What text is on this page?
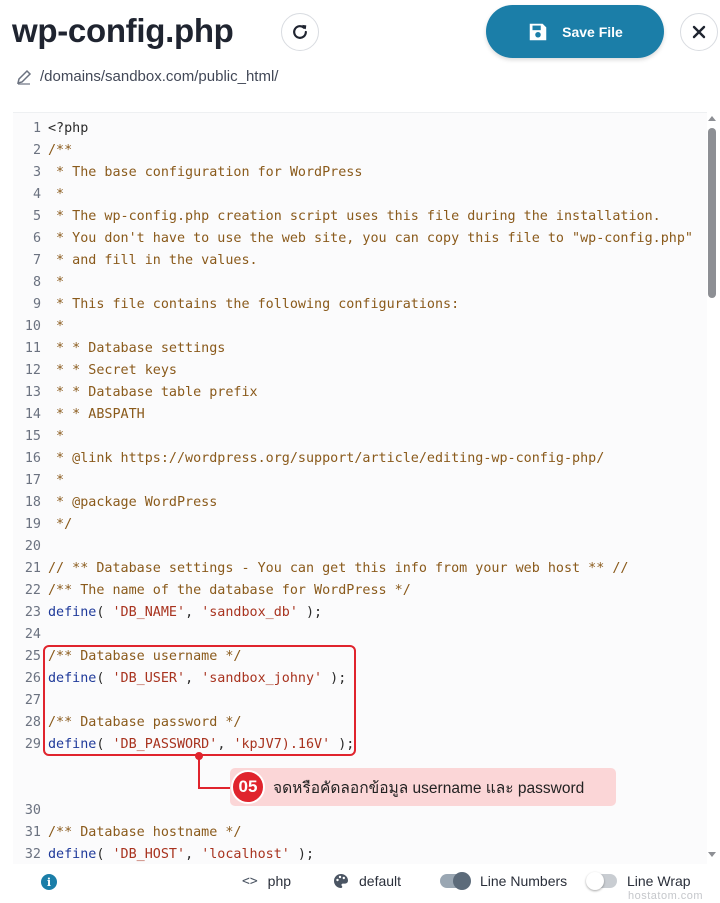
wp-config.php	Save File
/domains/sandbox.com/public_html/
1 <?php
2 /**
3 * The base configuration for WordPress
4 *
5 * The wp-config.php creation script uses this file during the installation.
6 * You don't have to use the web site, you can copy this file to "wp-config.php"
7 * and fill in the values.
8 *
9 * This file contains the following configurations:
10 *
11 * * Database settings
12 * * Secret keys
13 * * Database table prefix
14 * * ABSPATH
15 *
16 * @link https://wordpress.org/support/article/editing-wp-config-php/
17 *
18 * @package WordPress
19 */
20
21 // ** Database settings - You can get this info from your web host ** //
22 /** The name of the database for WordPress */
23 define( 'DB_NAME', 'sandbox_db' );
24
25 /** Database username */
26 define( 'DB_USER', 'sandbox_johny' );
27
28 /** Database password */
29 define( 'DB_PASSWORD', 'kpJV7).16V' );
30
31 /** Database hostname */
32 define( 'DB_HOST', 'localhost' );
05	จดหรือคัดลอกข้อมูล username และ password
i	<> php	default	Line Numbers	Line Wrap
hostatom.com
